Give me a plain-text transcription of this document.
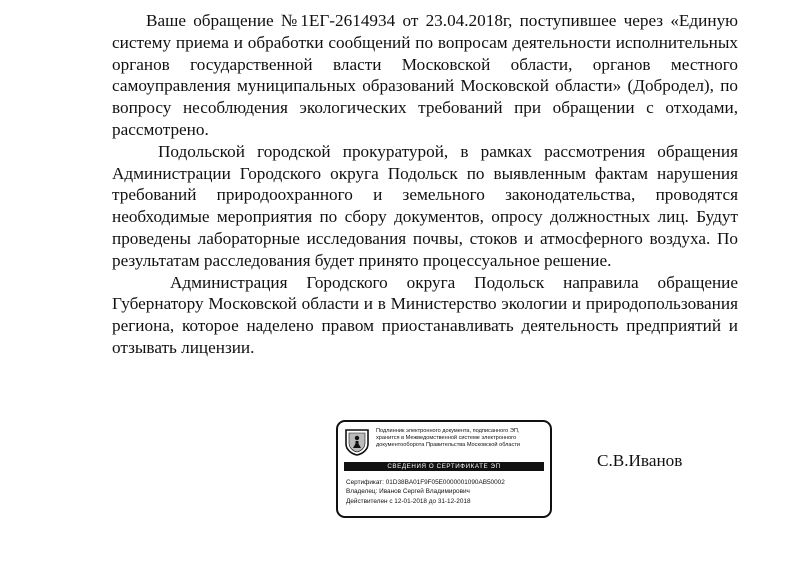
Ваше обращение №1ЕГ-2614934 от 23.04.2018г, поступившее через «Единую систему приема и обработки сообщений по вопросам деятельности исполнительных органов государственной власти Московской области, органов местного самоуправления муниципальных образований Московской области» (Добродел), по вопросу несоблюдения экологических требований при обращении с отходами, рассмотрено.

Подольской городской прокуратурой, в рамках рассмотрения обращения Администрации Городского округа Подольск по выявленным фактам нарушения требований природоохранного и земельного законодательства, проводятся необходимые мероприятия по сбору документов, опросу должностных лиц. Будут проведены лабораторные исследования почвы, стоков и атмосферного воздуха. По результатам расследования будет принято процессуальное решение.

Администрация Городского округа Подольск направила обращение Губернатору Московской области и в Министерство экологии и природопользования региона, которое наделено правом приостанавливать деятельность предприятий и отзывать лицензии.

Подлинник электронного документа, подписанного ЭП,
хранится в Межведомственной системе электронного
документооборота Правительства Московской области
СВЕДЕНИЯ О СЕРТИФИКАТЕ ЭП
Сертификат: 01D38BA01F9F05E0000001090AB50002
Владелец: Иванов Сергей Владимирович
Действителен с 12-01-2018 до 31-12-2018
С.В.Иванов
